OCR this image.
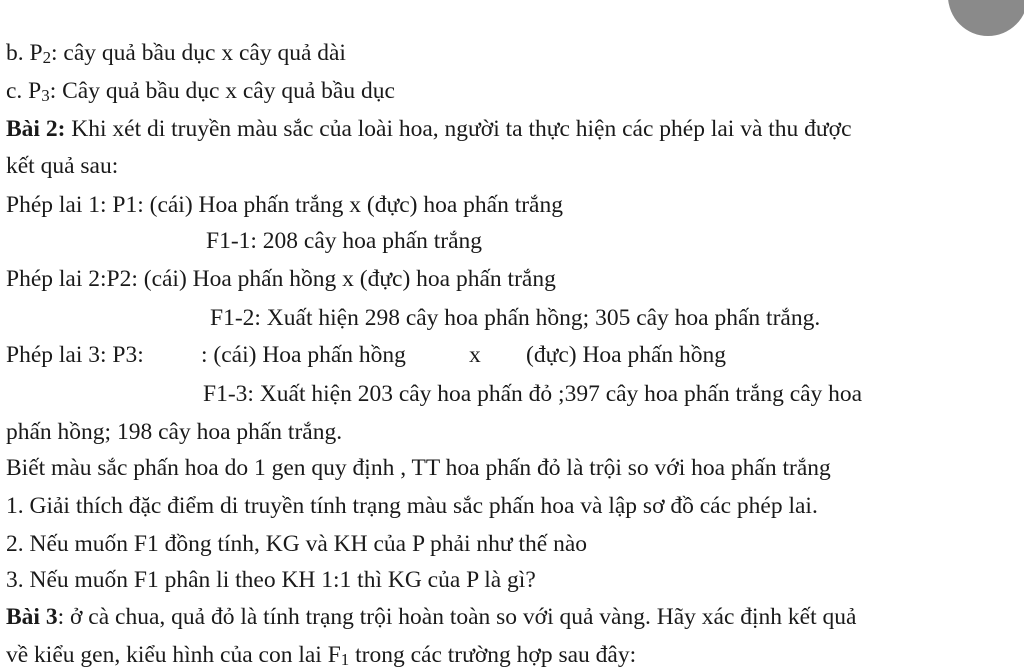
b. $P_2$: cây quả bầu dục x cây quả dài
c. $P_3$: Cây quả bầu dục x cây quả bầu dục
Bài 2: Khi xét di truyền màu sắc của loài hoa, người ta thực hiện các phép lai và thu được
kết quả sau:
Phép lai 1: P1: (cái) Hoa phấn trắng x (đực) hoa phấn trắng
F1-1: 208 cây hoa phấn trắng
Phép lai 2:P2: (cái) Hoa phấn hồng x (đực) hoa phấn trắng
F1-2: Xuất hiện 298 cây hoa phấn hồng; 305 cây hoa phấn trắng.
Phép lai 3: P3: : (cái) Hoa phấn hồng	x (đực) Hoa phấn hồng
F1-3: Xuất hiện 203 cây hoa phấn đỏ ;397 cây hoa phấn trắng cây hoa
phấn hồng; 198 cây hoa phấn trắng.
Biết màu sắc phấn hoa do 1 gen quy định , TT hoa phấn đỏ là trội so với hoa phấn trắng
1. Giải thích đặc điểm di truyền tính trạng màu sắc phấn hoa và lập sơ đồ các phép lai.
2. Nếu muốn F1 đồng tính, KG và KH của P phải như thế nào
3. Nếu muốn F1 phân li theo KH 1:1 thì KG của P là gì?
Bài 3: ở cà chua, quả đỏ là tính trạng trội hoàn toàn so với quả vàng. Hãy xác định kết quả
về kiểu gen, kiểu hình của con lai $F_1$ trong các trường hợp sau đây:
